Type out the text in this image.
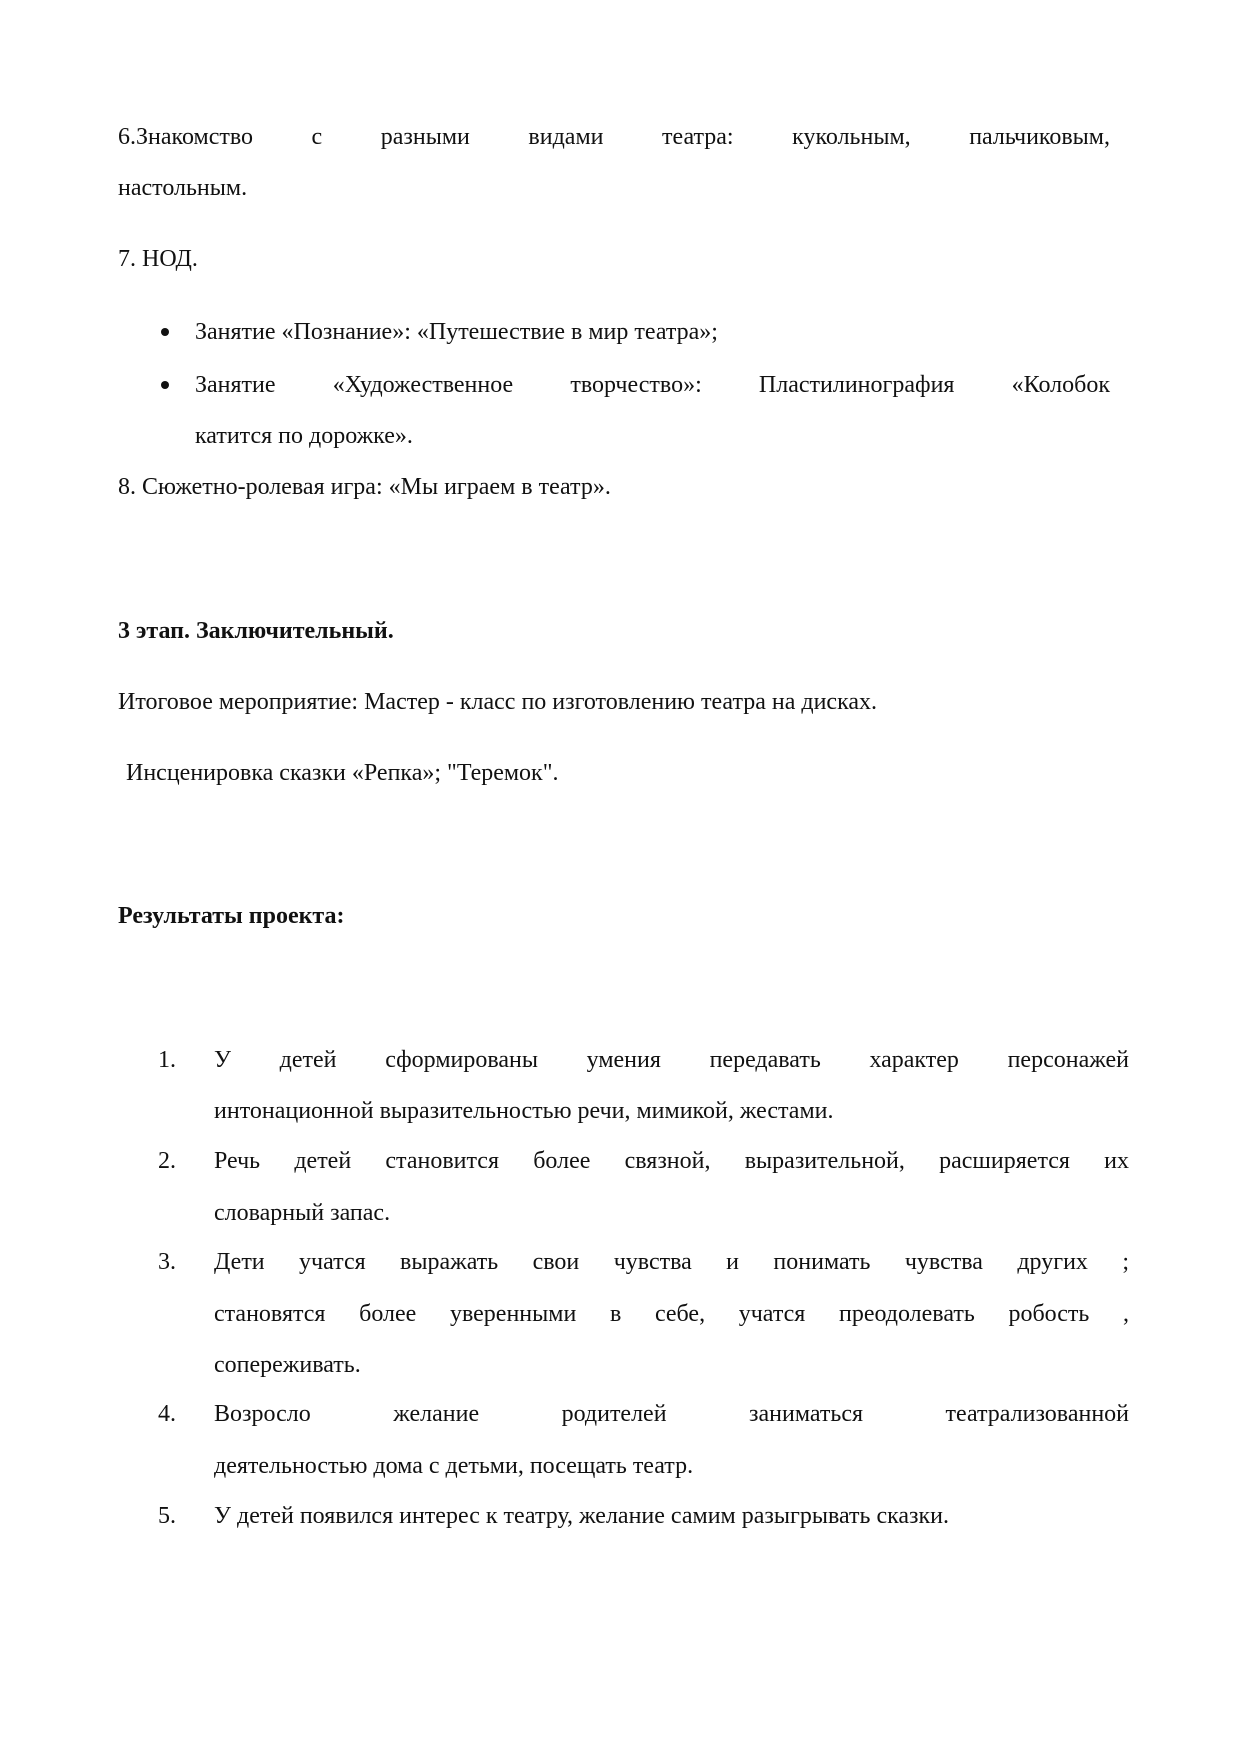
6.Знакомство с разными видами театра: кукольным, пальчиковым,
настольным.
7. НОД.
Занятие «Познание»: «Путешествие в мир театра»;
Занятие «Художественное творчество»: Пластилинография «Колобок
катится по дорожке».
8. Сюжетно-ролевая игра: «Мы играем в театр».
3 этап. Заключительный.
Итоговое мероприятие: Мастер - класс по изготовлению театра на дисках.
Инсценировка сказки «Репка»; "Теремок".
Результаты проекта:
1. У детей сформированы умения передавать характер персонажей
интонационной выразительностью речи, мимикой, жестами.
2. Речь детей становится более связной, выразительной, расширяется их
словарный запас.
3. Дети учатся выражать свои чувства и понимать чувства других ;
становятся более уверенными в себе, учатся преодолевать робость ,
сопереживать.
4. Возросло желание родителей заниматься театрализованной
деятельностью дома с детьми, посещать театр.
5. У детей появился интерес к театру, желание самим разыгрывать сказки.
